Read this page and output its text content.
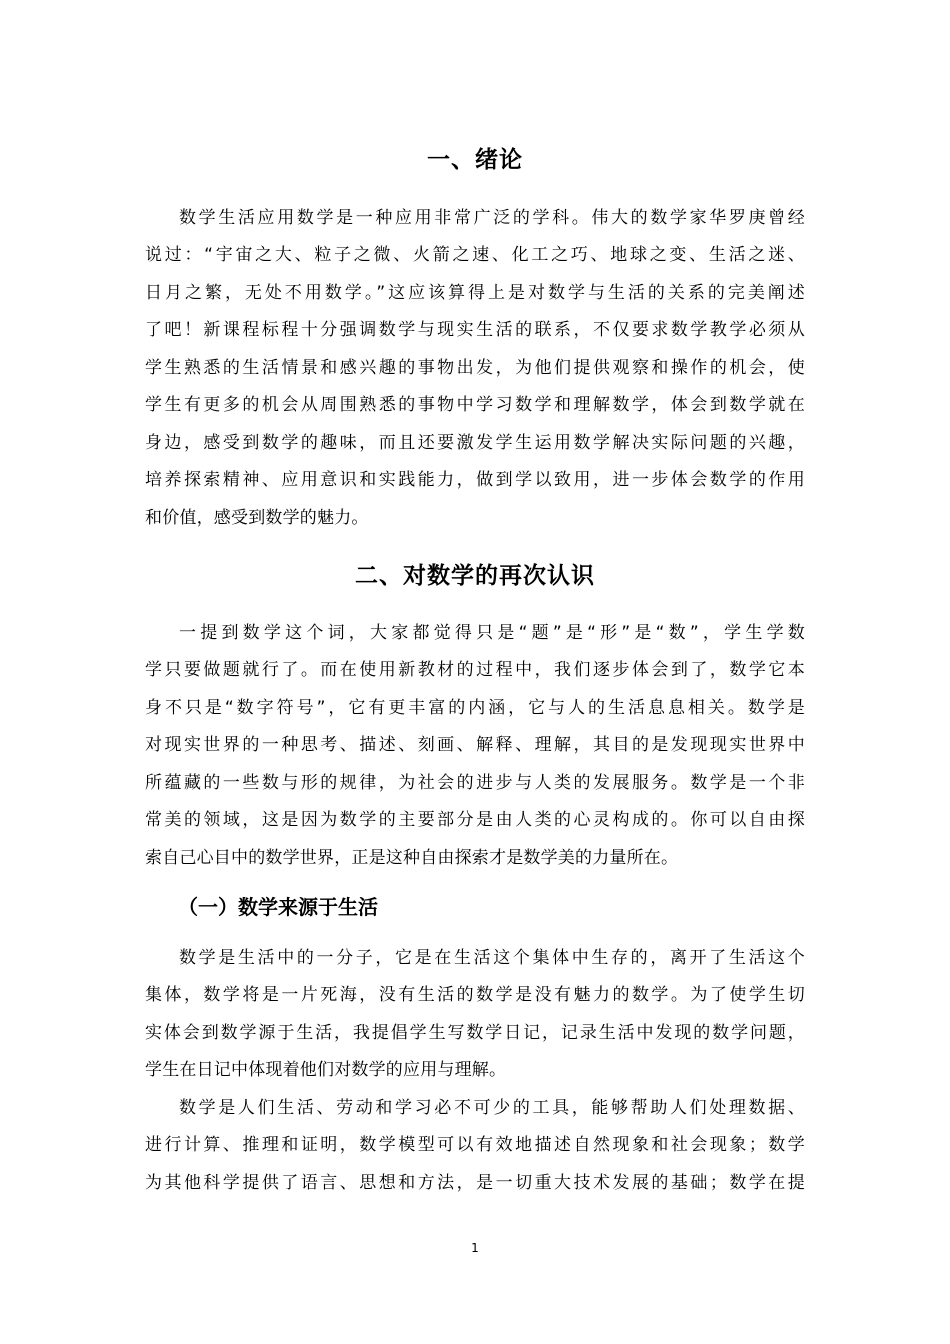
一、绪论
数学生活应用数学是一种应用非常广泛的学科。伟大的数学家华罗庚曾经
说过：“宇宙之大、粒子之微、火箭之速、化工之巧、地球之变、生活之迷、
日月之繁，无处不用数学。”这应该算得上是对数学与生活的关系的完美阐述
了吧！新课程标程十分强调数学与现实生活的联系，不仅要求数学教学必须从
学生熟悉的生活情景和感兴趣的事物出发，为他们提供观察和操作的机会，使
学生有更多的机会从周围熟悉的事物中学习数学和理解数学，体会到数学就在
身边，感受到数学的趣味，而且还要激发学生运用数学解决实际问题的兴趣，
培养探索精神、应用意识和实践能力，做到学以致用，进一步体会数学的作用
和价值，感受到数学的魅力。
二、对数学的再次认识
一提到数学这个词，大家都觉得只是“题”是“形”是“数”，学生学数
学只要做题就行了。而在使用新教材的过程中，我们逐步体会到了，数学它本
身不只是“数字符号”，它有更丰富的内涵，它与人的生活息息相关。数学是
对现实世界的一种思考、描述、刻画、解释、理解，其目的是发现现实世界中
所蕴藏的一些数与形的规律，为社会的进步与人类的发展服务。数学是一个非
常美的领域，这是因为数学的主要部分是由人类的心灵构成的。你可以自由探
索自己心目中的数学世界，正是这种自由探索才是数学美的力量所在。
（一）数学来源于生活
数学是生活中的一分子，它是在生活这个集体中生存的，离开了生活这个
集体，数学将是一片死海，没有生活的数学是没有魅力的数学。为了使学生切
实体会到数学源于生活，我提倡学生写数学日记，记录生活中发现的数学问题，
学生在日记中体现着他们对数学的应用与理解。
数学是人们生活、劳动和学习必不可少的工具，能够帮助人们处理数据、
进行计算、推理和证明，数学模型可以有效地描述自然现象和社会现象；数学
为其他科学提供了语言、思想和方法，是一切重大技术发展的基础；数学在提
1
